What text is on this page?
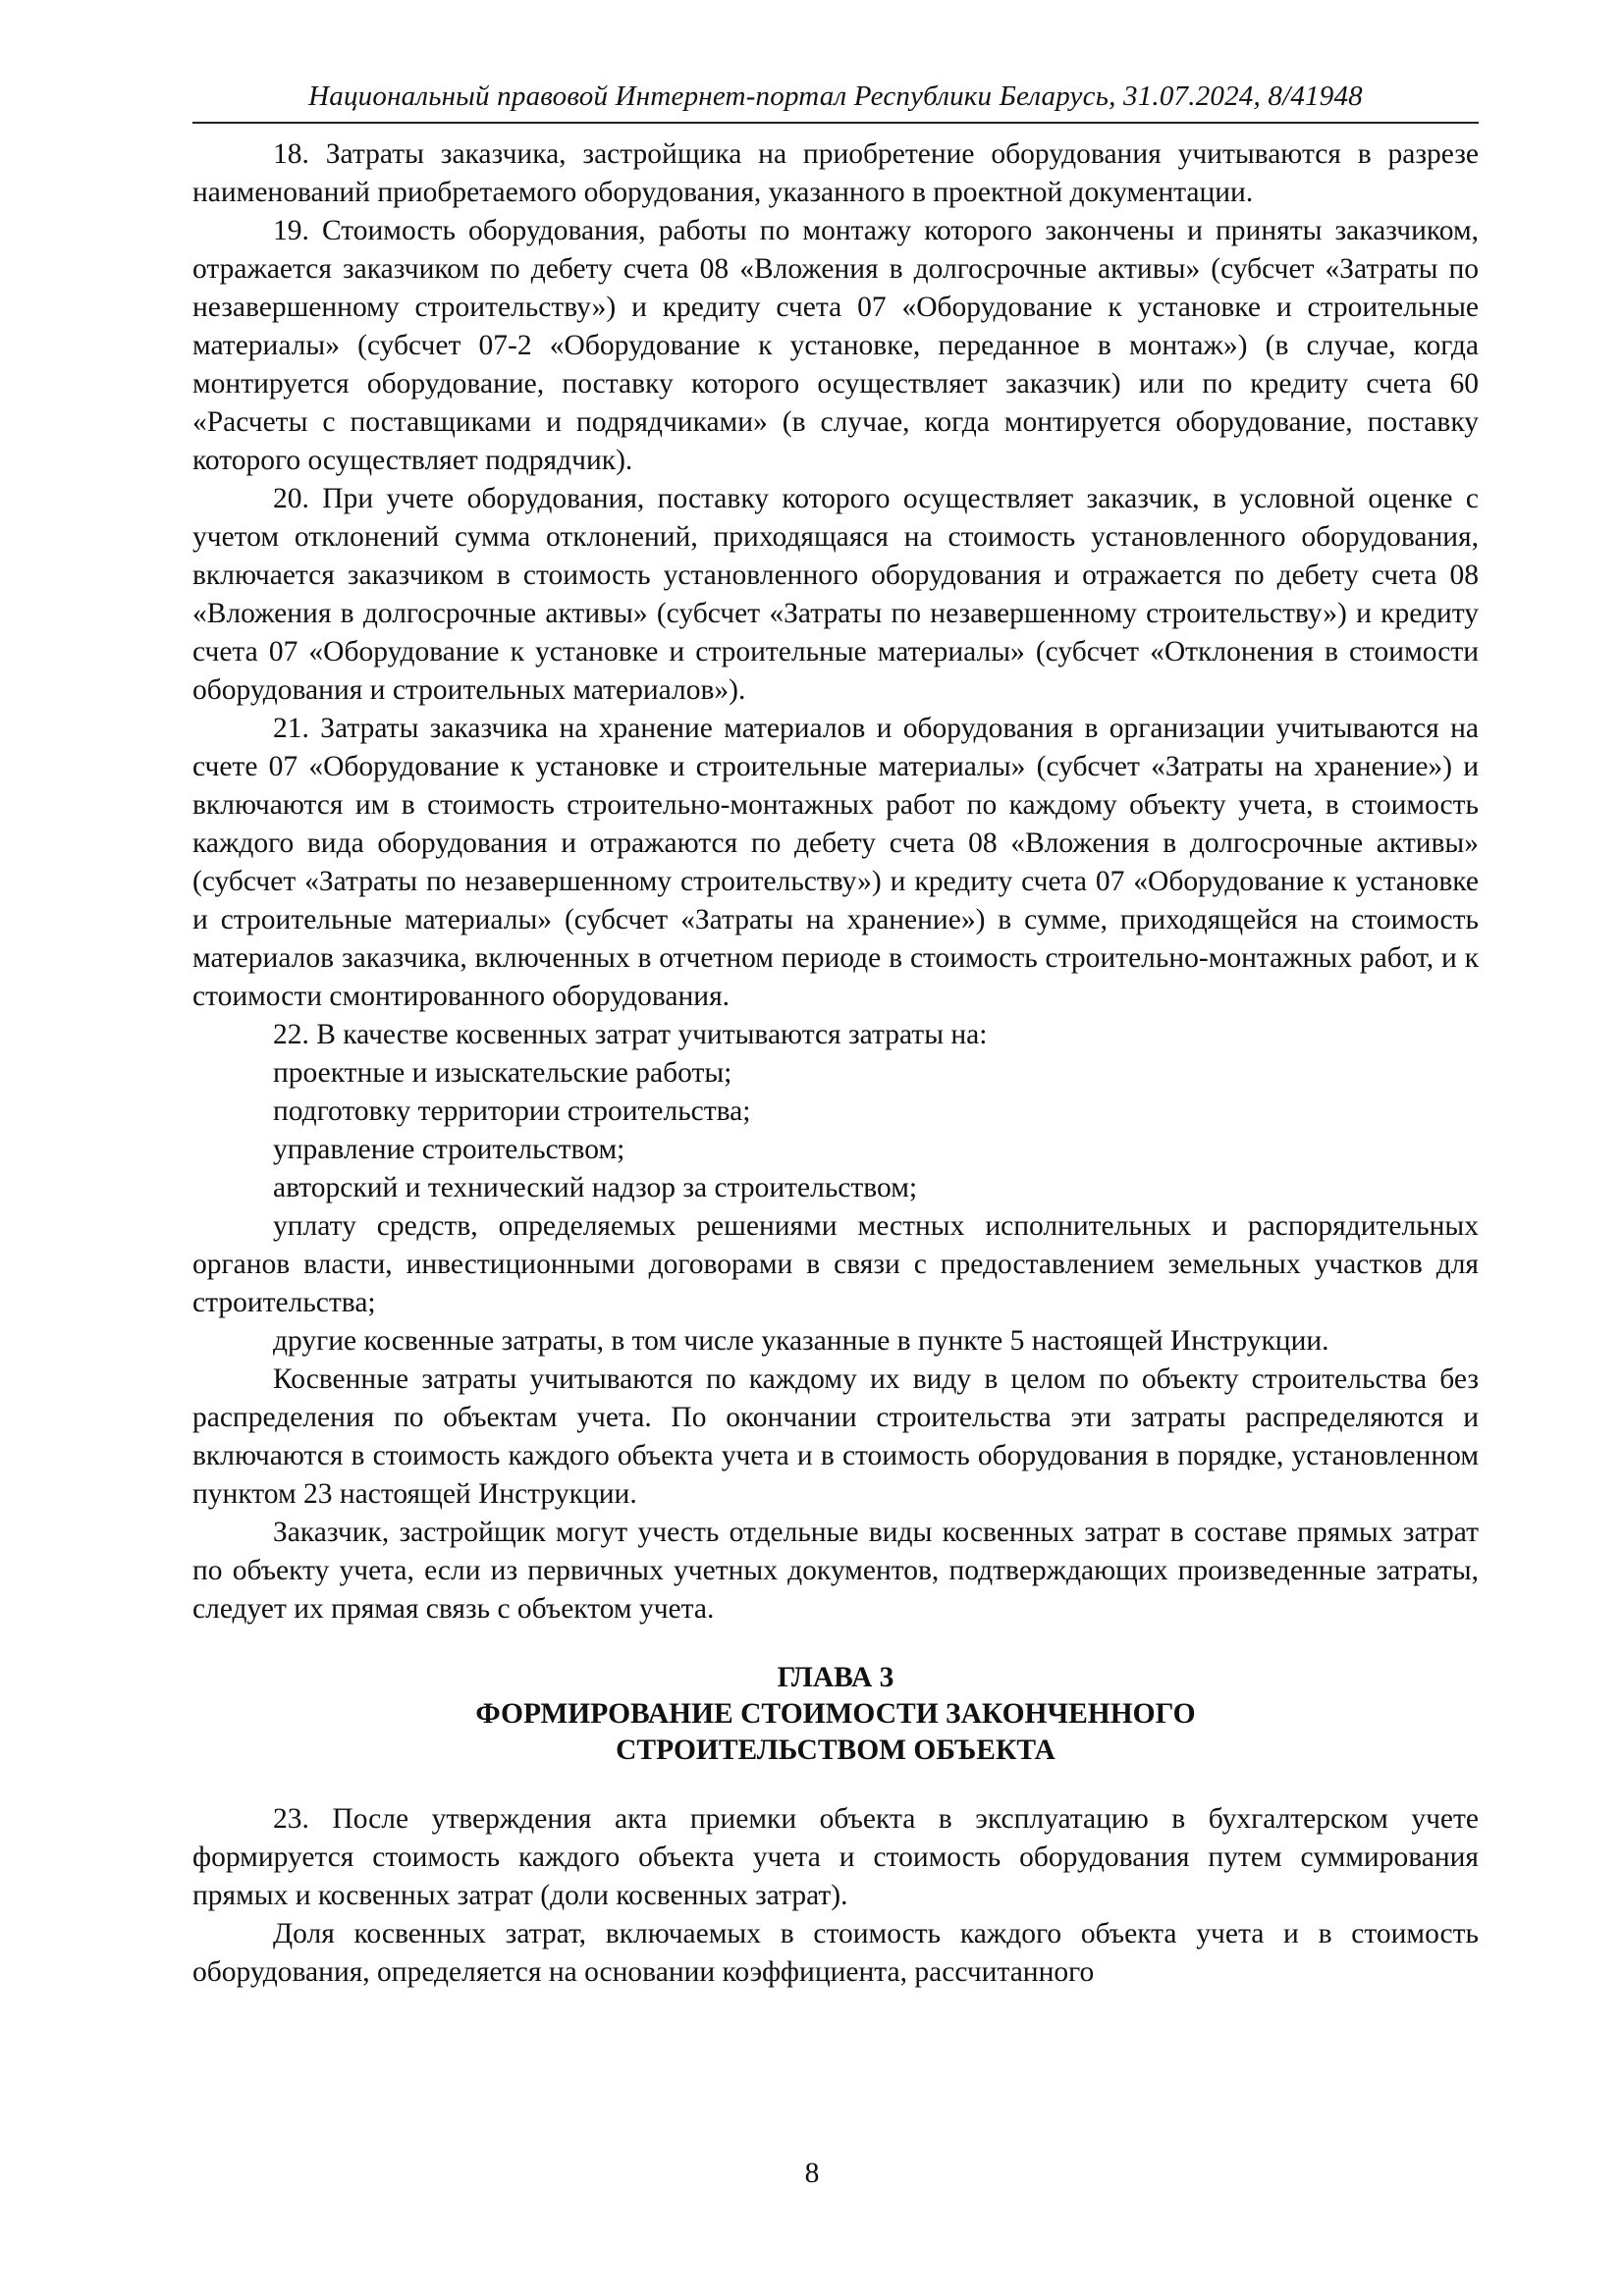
Национальный правовой Интернет-портал Республики Беларусь, 31.07.2024, 8/41948

18. Затраты заказчика, застройщика на приобретение оборудования учитываются в разрезе наименований приобретаемого оборудования, указанного в проектной документации.

19. Стоимость оборудования, работы по монтажу которого закончены и приняты заказчиком, отражается заказчиком по дебету счета 08 «Вложения в долгосрочные активы» (субсчет «Затраты по незавершенному строительству») и кредиту счета 07 «Оборудование к установке и строительные материалы» (субсчет 07-2 «Оборудование к установке, переданное в монтаж») (в случае, когда монтируется оборудование, поставку которого осуществляет заказчик) или по кредиту счета 60 «Расчеты с поставщиками и подрядчиками» (в случае, когда монтируется оборудование, поставку которого осуществляет подрядчик).

20. При учете оборудования, поставку которого осуществляет заказчик, в условной оценке с учетом отклонений сумма отклонений, приходящаяся на стоимость установленного оборудования, включается заказчиком в стоимость установленного оборудования и отражается по дебету счета 08 «Вложения в долгосрочные активы» (субсчет «Затраты по незавершенному строительству») и кредиту счета 07 «Оборудование к установке и строительные материалы» (субсчет «Отклонения в стоимости оборудования и строительных материалов»).

21. Затраты заказчика на хранение материалов и оборудования в организации учитываются на счете 07 «Оборудование к установке и строительные материалы» (субсчет «Затраты на хранение») и включаются им в стоимость строительно-монтажных работ по каждому объекту учета, в стоимость каждого вида оборудования и отражаются по дебету счета 08 «Вложения в долгосрочные активы» (субсчет «Затраты по незавершенному строительству») и кредиту счета 07 «Оборудование к установке и строительные материалы» (субсчет «Затраты на хранение») в сумме, приходящейся на стоимость материалов заказчика, включенных в отчетном периоде в стоимость строительно-монтажных работ, и к стоимости смонтированного оборудования.

22. В качестве косвенных затрат учитываются затраты на:

проектные и изыскательские работы;

подготовку территории строительства;

управление строительством;

авторский и технический надзор за строительством;

уплату средств, определяемых решениями местных исполнительных и распорядительных органов власти, инвестиционными договорами в связи с предоставлением земельных участков для строительства;

другие косвенные затраты, в том числе указанные в пункте 5 настоящей Инструкции.

Косвенные затраты учитываются по каждому их виду в целом по объекту строительства без распределения по объектам учета. По окончании строительства эти затраты распределяются и включаются в стоимость каждого объекта учета и в стоимость оборудования в порядке, установленном пунктом 23 настоящей Инструкции.

Заказчик, застройщик могут учесть отдельные виды косвенных затрат в составе прямых затрат по объекту учета, если из первичных учетных документов, подтверждающих произведенные затраты, следует их прямая связь с объектом учета.

ГЛАВА 3
ФОРМИРОВАНИЕ СТОИМОСТИ ЗАКОНЧЕННОГО
СТРОИТЕЛЬСТВОМ ОБЪЕКТА

23. После утверждения акта приемки объекта в эксплуатацию в бухгалтерском учете формируется стоимость каждого объекта учета и стоимость оборудования путем суммирования прямых и косвенных затрат (доли косвенных затрат).

Доля косвенных затрат, включаемых в стоимость каждого объекта учета и в стоимость оборудования, определяется на основании коэффициента, рассчитанного

8
